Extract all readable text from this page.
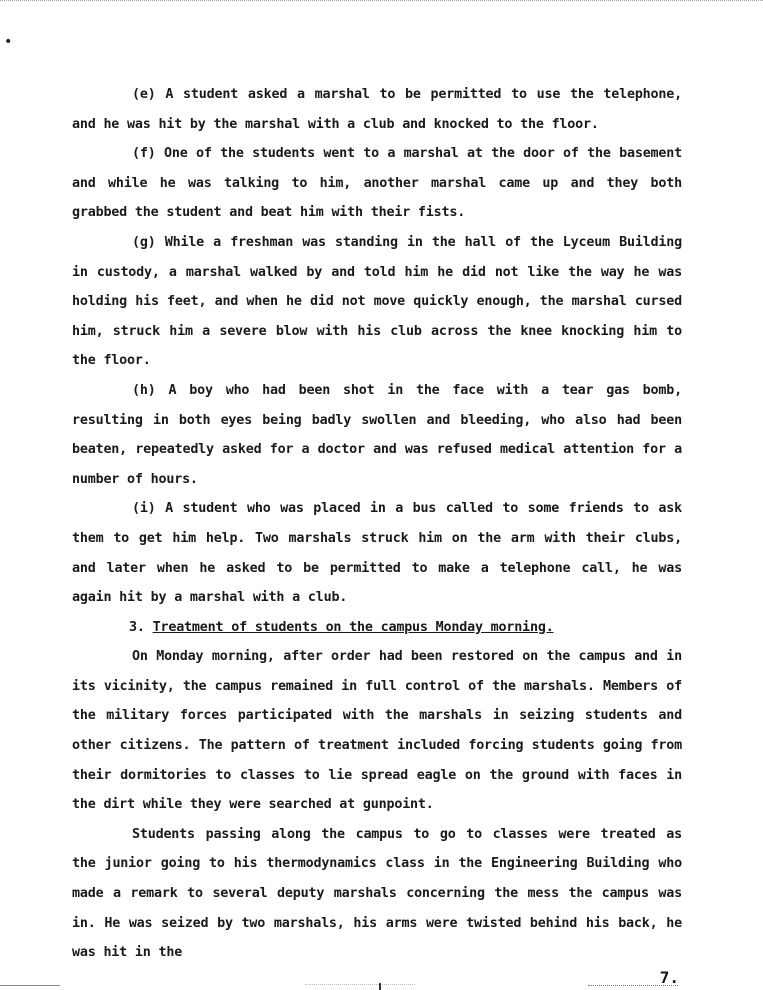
•

(e) A student asked a marshal to be permitted to use the telephone, and he was hit by the marshal with a club and knocked to the floor.

(f) One of the students went to a marshal at the door of the basement and while he was talking to him, another marshal came up and they both grabbed the student and beat him with their fists.

(g) While a freshman was standing in the hall of the Lyceum Building in custody, a marshal walked by and told him he did not like the way he was holding his feet, and when he did not move quickly enough, the marshal cursed him, struck him a severe blow with his club across the knee knocking him to the floor.

(h) A boy who had been shot in the face with a tear gas bomb, resulting in both eyes being badly swollen and bleeding, who also had been beaten, repeatedly asked for a doctor and was refused medical attention for a number of hours.

(i) A student who was placed in a bus called to some friends to ask them to get him help. Two marshals struck him on the arm with their clubs, and later when he asked to be permitted to make a telephone call, he was again hit by a marshal with a club.

3. Treatment of students on the campus Monday morning.

On Monday morning, after order had been restored on the campus and in its vicinity, the campus remained in full control of the marshals. Members of the military forces participated with the marshals in seizing students and other citizens. The pattern of treatment included forcing students going from their dormitories to classes to lie spread eagle on the ground with faces in the dirt while they were searched at gunpoint.

Students passing along the campus to go to classes were treated as the junior going to his thermodynamics class in the Engineering Building who made a remark to several deputy marshals concerning the mess the campus was in. He was seized by two marshals, his arms were twisted behind his back, he was hit in the

7.
